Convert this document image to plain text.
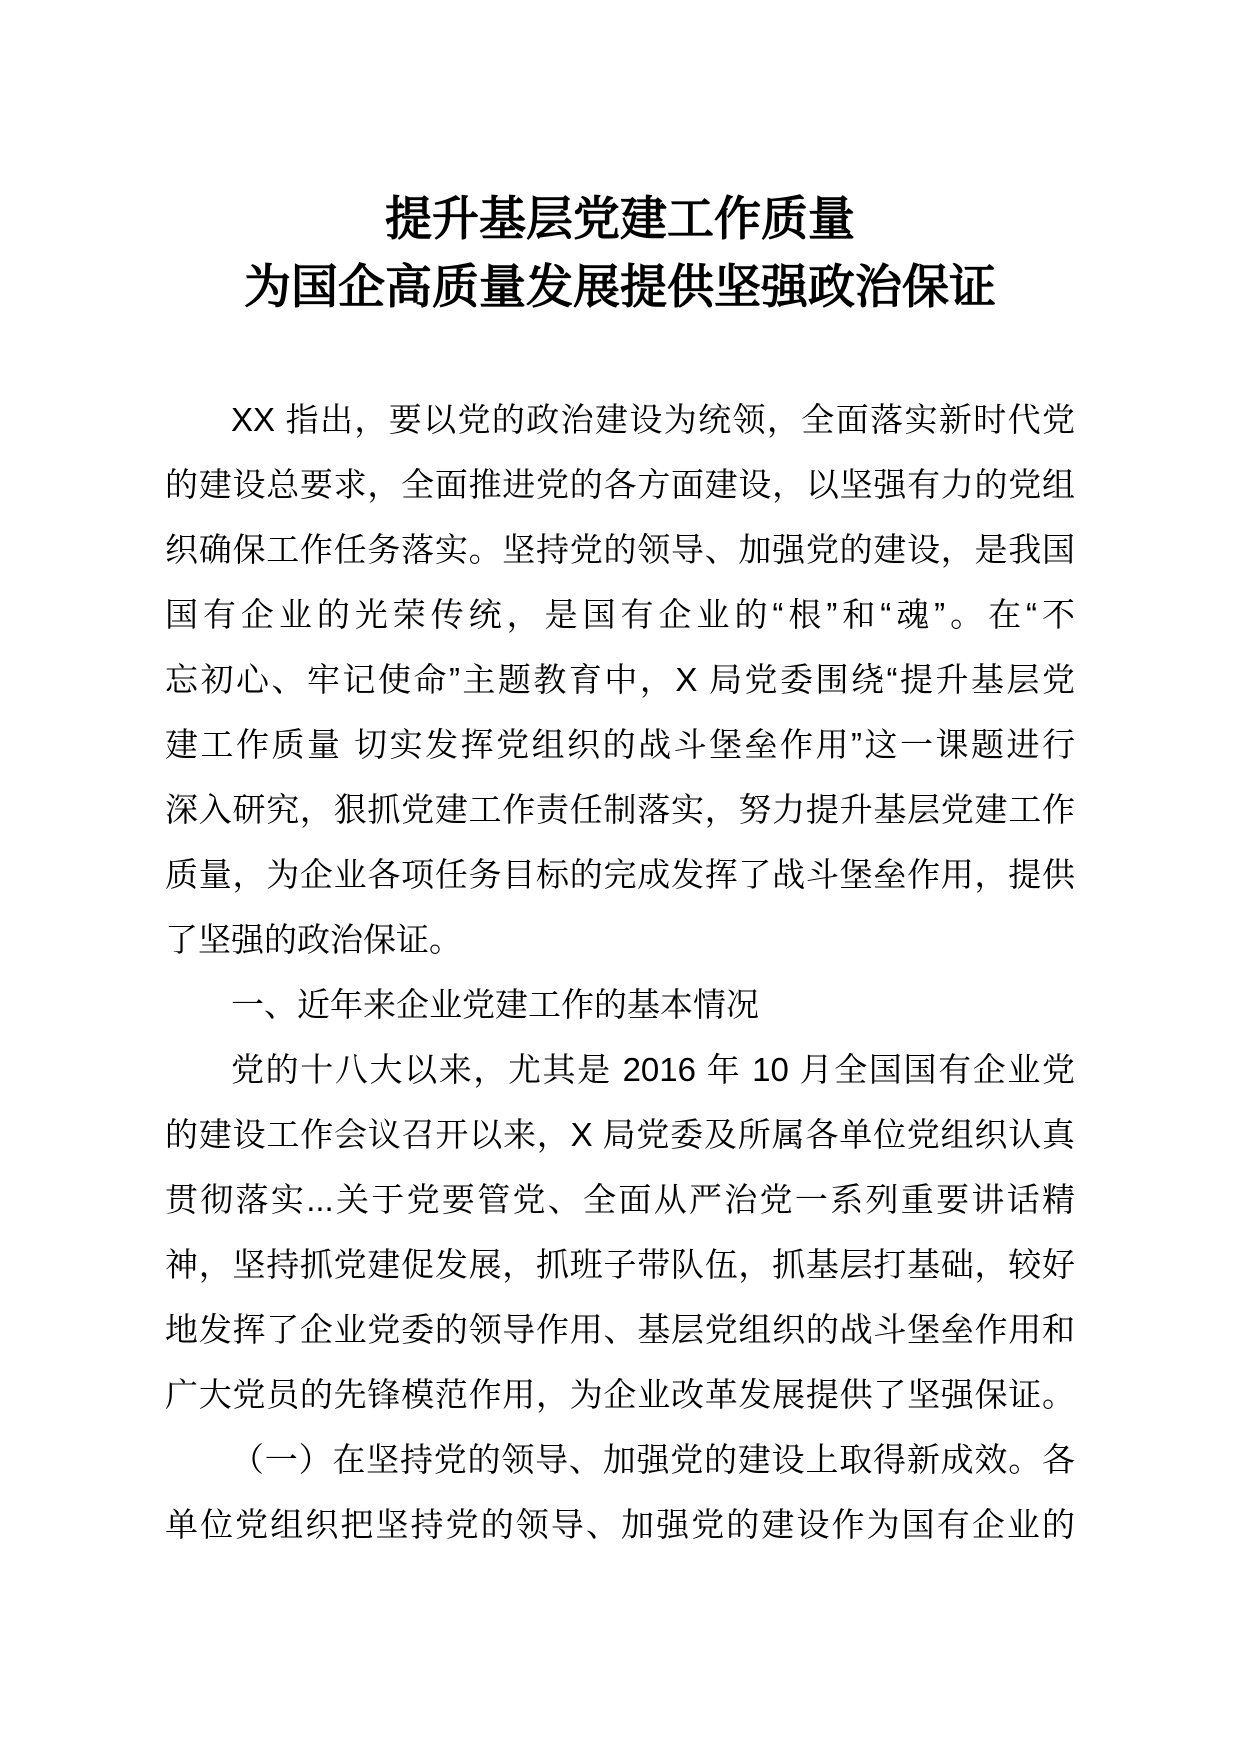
提升基层党建工作质量
为国企高质量发展提供坚强政治保证
XX 指出，要以党的政治建设为统领，全面落实新时代党
的建设总要求，全面推进党的各方面建设，以坚强有力的党组
织确保工作任务落实。坚持党的领导、加强党的建设，是我国
国有企业的光荣传统，是国有企业的“根”和“魂”。在“不
忘初心、牢记使命”主题教育中，X 局党委围绕“提升基层党
建工作质量 切实发挥党组织的战斗堡垒作用”这一课题进行
深入研究，狠抓党建工作责任制落实，努力提升基层党建工作
质量，为企业各项任务目标的完成发挥了战斗堡垒作用，提供
了坚强的政治保证。
一、近年来企业党建工作的基本情况
党的十八大以来，尤其是 2016 年 10 月全国国有企业党
的建设工作会议召开以来，X 局党委及所属各单位党组织认真
贯彻落实...关于党要管党、全面从严治党一系列重要讲话精
神，坚持抓党建促发展，抓班子带队伍，抓基层打基础，较好
地发挥了企业党委的领导作用、基层党组织的战斗堡垒作用和
广大党员的先锋模范作用，为企业改革发展提供了坚强保证。
（一）在坚持党的领导、加强党的建设上取得新成效。各
单位党组织把坚持党的领导、加强党的建设作为国有企业的
